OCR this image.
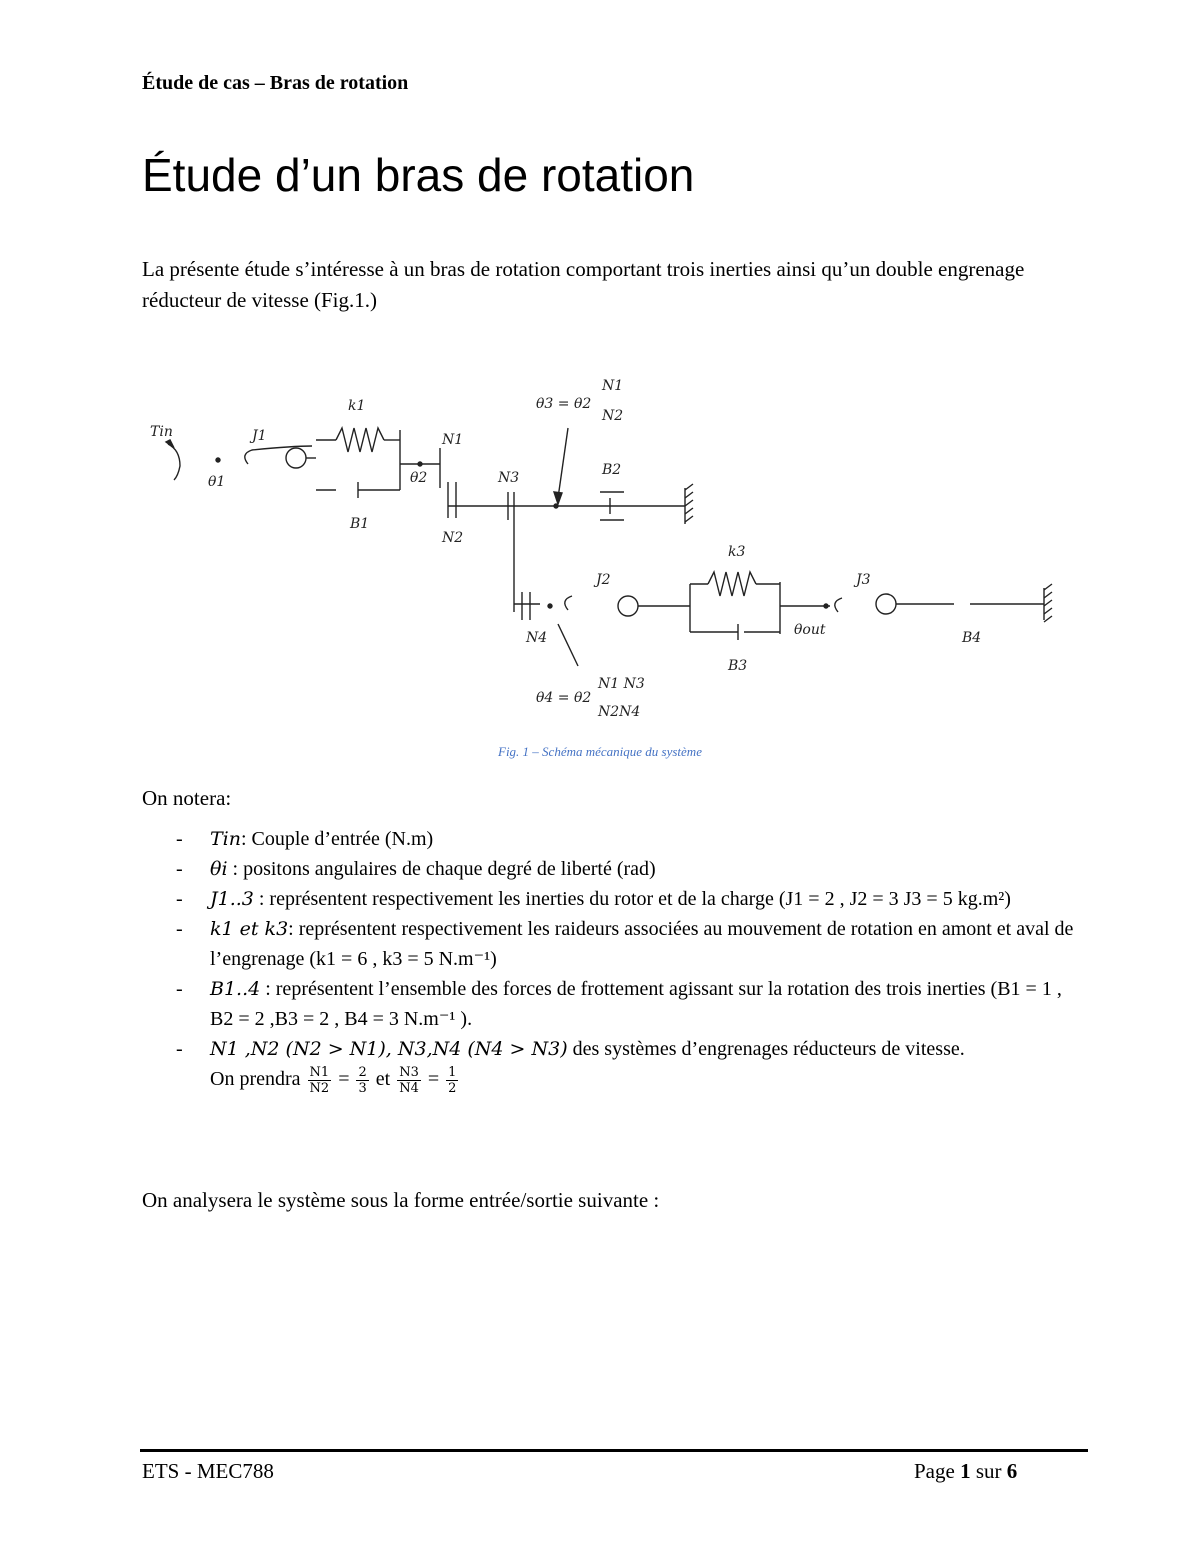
Étude de cas – Bras de rotation
Étude d’un bras de rotation
La présente étude s’intéresse à un bras de rotation comportant trois inerties ainsi qu’un double engrenage réducteur de vitesse (Fig.1.)
Tin	J1
k1
B1
θ1	θ2
N1
N2
N3	B2
θ3 = θ2
N1
N2
k3
J2	J3
N4
B3
B4
θout
θ4 = θ2
N1 N3
N2N4
Fig. 1 – Schéma mécanique du système
On notera:
- Tin: Couple d’entrée (N.m)
- θi : positons angulaires de chaque degré de liberté (rad)
- J1..3 : représentent respectivement les inerties du rotor et de la charge (J1 = 2 , J2 = 3 J3 = 5 kg.m²)
- k1 et k3: représentent respectivement les raideurs associées au mouvement de rotation en amont et aval de l’engrenage (k1 = 6 , k3 = 5 N.m⁻¹)
- B1..4 : représentent l’ensemble des forces de frottement agissant sur la rotation des trois inerties (B1 = 1 , B2 = 2 ,B3 = 2 , B4 = 3 N.m⁻¹ ).
- N1 ,N2 (N2 > N1), N3,N4 (N4 > N3) des systèmes d’engrenages réducteurs de vitesse.
On prendra $\frac{N1}{N2} = \frac{2}{3}$ et $\frac{N3}{N4} = \frac{1}{2}$
On analysera le système sous la forme entrée/sortie suivante :
ETS - MEC788	Page 1 sur 6
